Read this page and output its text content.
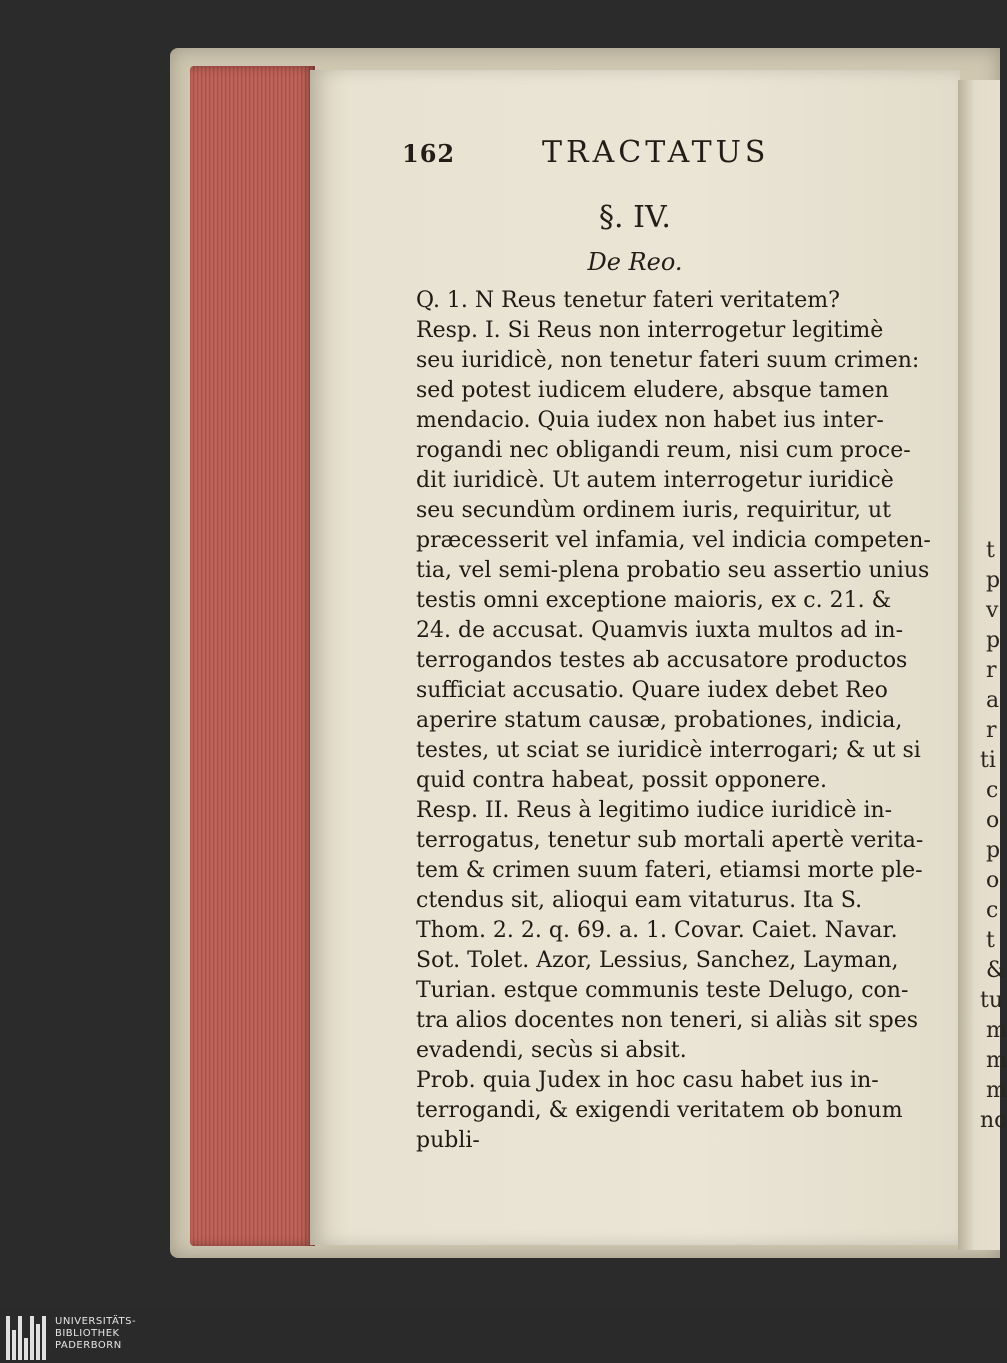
162	TRACTATUS
§. IV.
De Reo.
Q. 1. N Reus tenetur fateri veritatem?
Resp. I. Si Reus non interrogetur legitimè
seu iuridicè, non tenetur fateri suum crimen:
sed potest iudicem eludere, absque tamen
mendacio. Quia iudex non habet ius inter-
rogandi nec obligandi reum, nisi cum proce-
dit iuridicè. Ut autem interrogetur iuridicè
seu secundùm ordinem iuris, requiritur, ut
præcesserit vel infamia, vel indicia competen-
tia, vel semi-plena probatio seu assertio unius
testis omni exceptione maioris, ex c. 21. &
24. de accusat. Quamvis iuxta multos ad in-
terrogandos testes ab accusatore productos
sufficiat accusatio. Quare iudex debet Reo
aperire statum causæ, probationes, indicia,
testes, ut sciat se iuridicè interrogari; & ut si
quid contra habeat, possit opponere.
Resp. II. Reus à legitimo iudice iuridicè in-
terrogatus, tenetur sub mortali apertè verita-
tem & crimen suum fateri, etiamsi morte ple-
ctendus sit, alioqui eam vitaturus. Ita S.
Thom. 2. 2. q. 69. a. 1. Covar. Caiet. Navar.
Sot. Tolet. Azor, Lessius, Sanchez, Layman,
Turian. estque communis teste Delugo, con-
tra alios docentes non teneri, si aliàs sit spes
evadendi, secùs si absit.
Prob. quia Judex in hoc casu habet ius in-
terrogandi, & exigendi veritatem ob bonum
publi-
t
p
v
p
r
a
r
ti
c
o
p
o
c
t
&
tu
m
m
m
nc
UNIVERSITÄTS-
BIBLIOTHEK
PADERBORN
